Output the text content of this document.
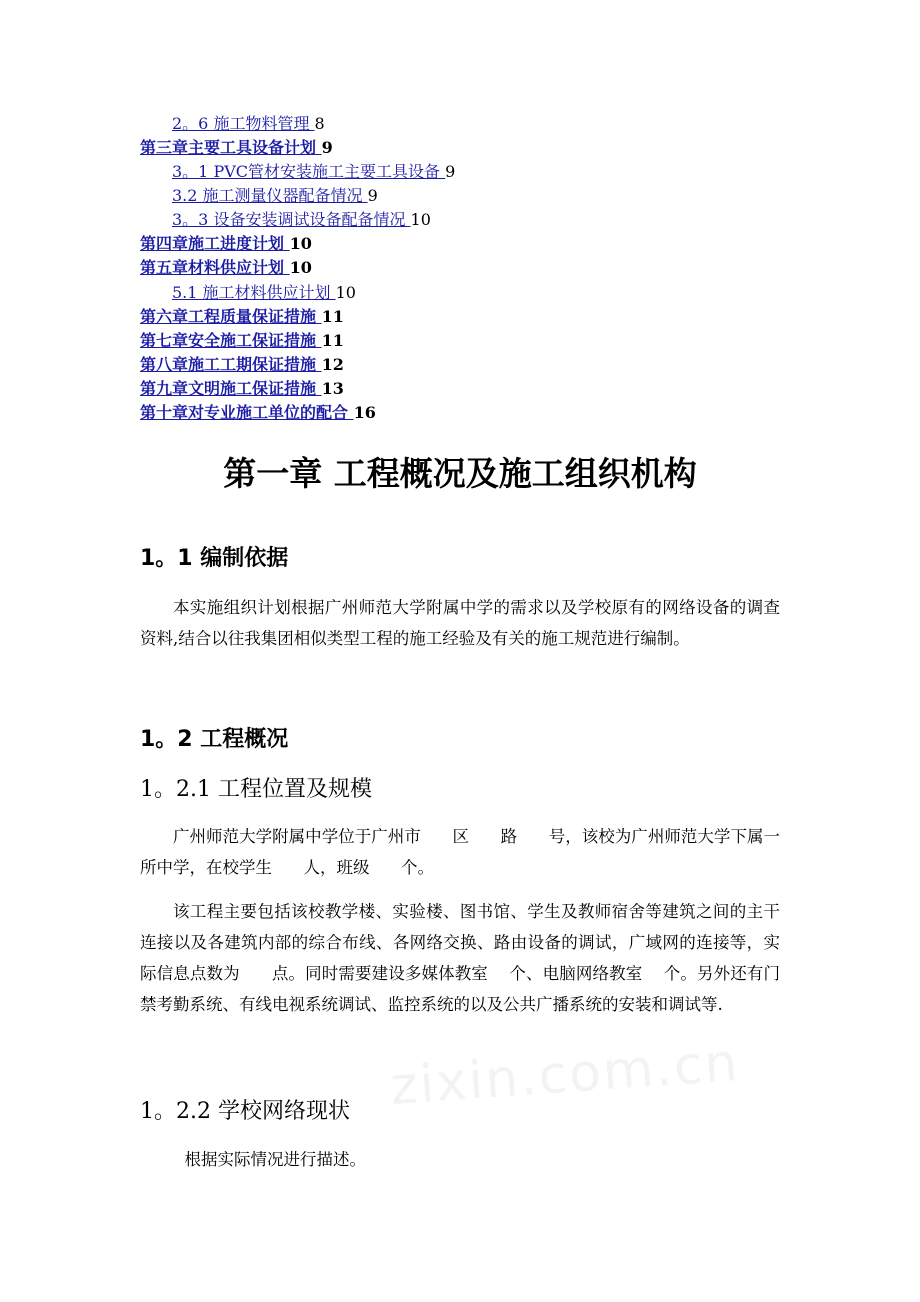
2。6 施工物料管理 8
第三章主要工具设备计划 9
3。1 PVC管材安装施工主要工具设备 9
3.2 施工测量仪器配备情况 9
3。3 设备安装调试设备配备情况 10
第四章施工进度计划 10
第五章材料供应计划 10
5.1 施工材料供应计划 10
第六章工程质量保证措施 11
第七章安全施工保证措施 11
第八章施工工期保证措施 12
第九章文明施工保证措施 13
第十章对专业施工单位的配合 16
第一章 工程概况及施工组织机构
1。1 编制依据
本实施组织计划根据广州师范大学附属中学的需求以及学校原有的网络设备的调查资料,结合以往我集团相似类型工程的施工经验及有关的施工规范进行编制。
1。2 工程概况
1。2.1 工程位置及规模
广州师范大学附属中学位于广州市      区      路      号，该校为广州师范大学下属一所中学，在校学生      人，班级      个。
该工程主要包括该校教学楼、实验楼、图书馆、学生及教师宿舍等建筑之间的主干连接以及各建筑内部的综合布线、各网络交换、路由设备的调试，广域网的连接等，实际信息点数为      点。同时需要建设多媒体教室    个、电脑网络教室    个。另外还有门禁考勤系统、有线电视系统调试、监控系统的以及公共广播系统的安装和调试等.
1。2.2 学校网络现状
根据实际情况进行描述。
